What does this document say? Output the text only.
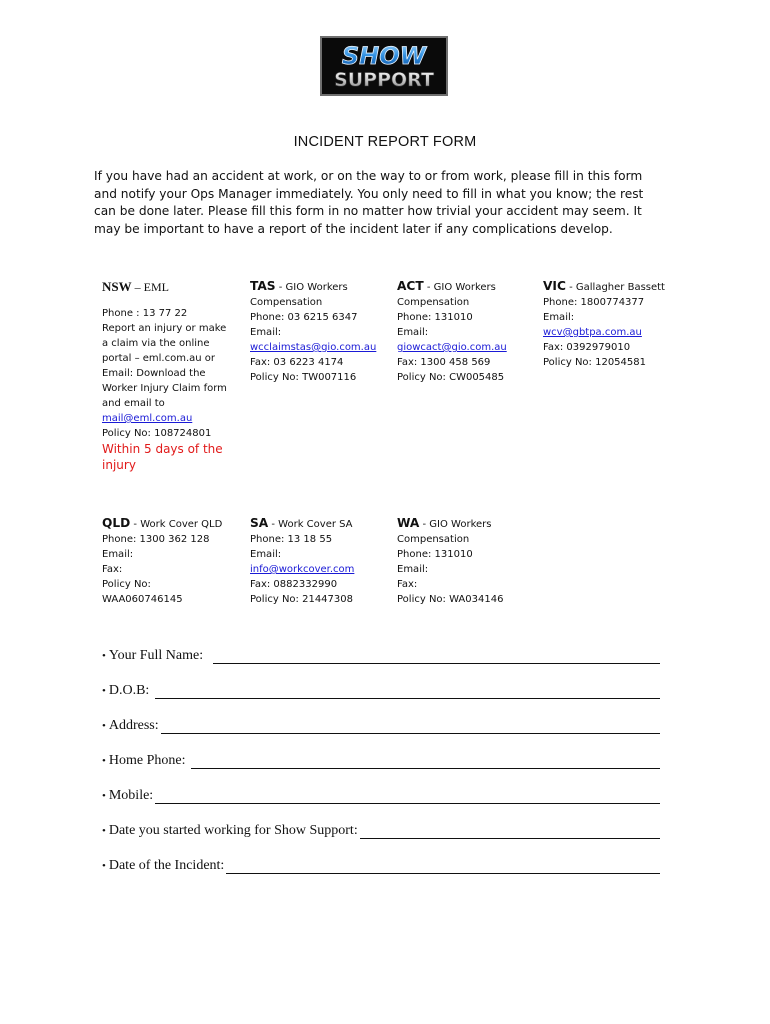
SHOW
SUPPORT
INCIDENT REPORT FORM

If you have had an accident at work, or on the way to or from work, please fill in this form

and notify your Ops Manager immediately. You only need to fill in what you know; the rest

can be done later. Please fill this form in no matter how trivial your accident may seem. It

may be important to have a report of the incident later if any complications develop.

NSW – EML
Phone : 13 77 22
Report an injury or make
a claim via the online
portal – eml.com.au or
Email: Download the
Worker Injury Claim form
and email to
mail@eml.com.au
Policy No: 108724801
Within 5 days of the
injury
TAS - GIO Workers
Compensation
Phone: 03 6215 6347
Email:
wcclaimstas@gio.com.au
Fax: 03 6223 4174
Policy No: TW007116
ACT - GIO Workers
Compensation
Phone: 131010
Email:
giowcact@gio.com.au
Fax: 1300 458 569
Policy No: CW005485
VIC - Gallagher Bassett
Phone: 1800774377
Email:
wcv@gbtpa.com.au
Fax: 0392979010
Policy No: 12054581
QLD - Work Cover QLD
Phone: 1300 362 128
Email:
Fax:
Policy No:
WAA060746145
SA - Work Cover SA
Phone: 13 18 55
Email:
info@workcover.com
Fax: 0882332990
Policy No: 21447308
WA - GIO Workers
Compensation
Phone: 131010
Email:
Fax:
Policy No: WA034146
• Your Full Name:
• D.O.B:
• Address:
• Home Phone:
• Mobile:
• Date you started working for Show Support:
• Date of the Incident:
